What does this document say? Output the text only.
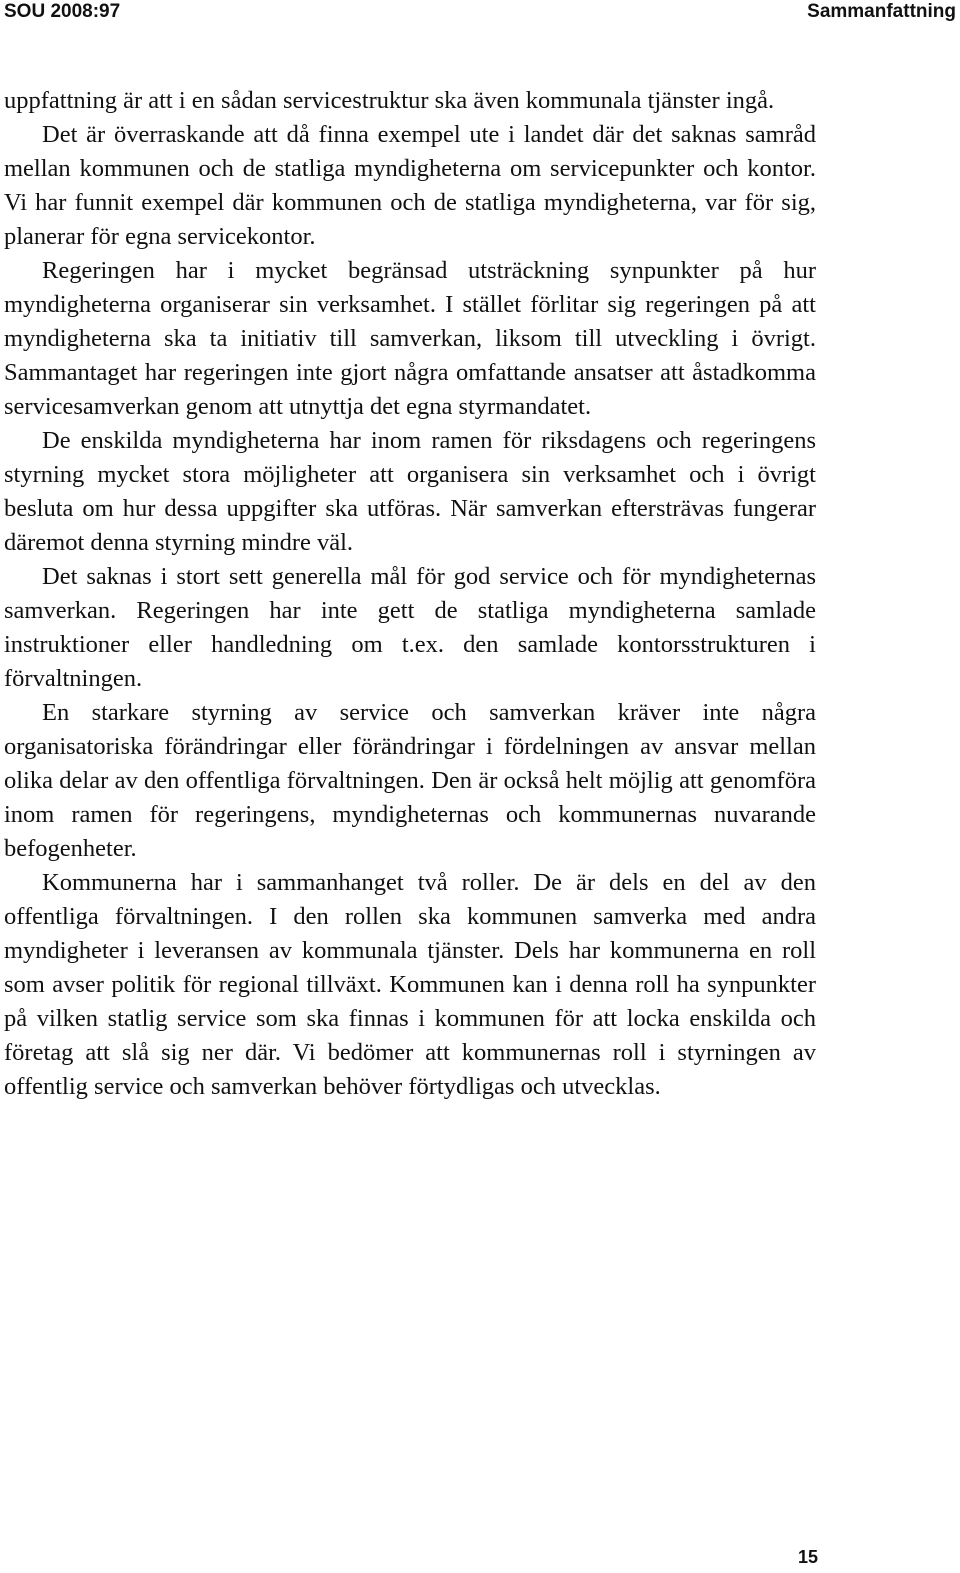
SOU 2008:97	Sammanfattning

uppfattning är att i en sådan servicestruktur ska även kommunala tjänster ingå.

Det är överraskande att då finna exempel ute i landet där det saknas samråd mellan kommunen och de statliga myndigheterna om servicepunkter och kontor. Vi har funnit exempel där kommunen och de statliga myndigheterna, var för sig, planerar för egna servicekontor.

Regeringen har i mycket begränsad utsträckning synpunkter på hur myndigheterna organiserar sin verksamhet. I stället förlitar sig regeringen på att myndigheterna ska ta initiativ till samverkan, liksom till utveckling i övrigt. Sammantaget har regeringen inte gjort några omfattande ansatser att åstadkomma servicesamverkan genom att utnyttja det egna styrmandatet.

De enskilda myndigheterna har inom ramen för riksdagens och regeringens styrning mycket stora möjligheter att organisera sin verksamhet och i övrigt besluta om hur dessa uppgifter ska utföras. När samverkan eftersträvas fungerar däremot denna styrning mindre väl.

Det saknas i stort sett generella mål för god service och för myndigheternas samverkan. Regeringen har inte gett de statliga myndigheterna samlade instruktioner eller handledning om t.ex. den samlade kontorsstrukturen i förvaltningen.

En starkare styrning av service och samverkan kräver inte några organisatoriska förändringar eller förändringar i fördelningen av ansvar mellan olika delar av den offentliga förvaltningen. Den är också helt möjlig att genomföra inom ramen för regeringens, myndigheternas och kommunernas nuvarande befogenheter.

Kommunerna har i sammanhanget två roller. De är dels en del av den offentliga förvaltningen. I den rollen ska kommunen samverka med andra myndigheter i leveransen av kommunala tjänster. Dels har kommunerna en roll som avser politik för regional tillväxt. Kommunen kan i denna roll ha synpunkter på vilken statlig service som ska finnas i kommunen för att locka enskilda och företag att slå sig ner där. Vi bedömer att kommunernas roll i styrningen av offentlig service och samverkan behöver förtydligas och utvecklas.

15
